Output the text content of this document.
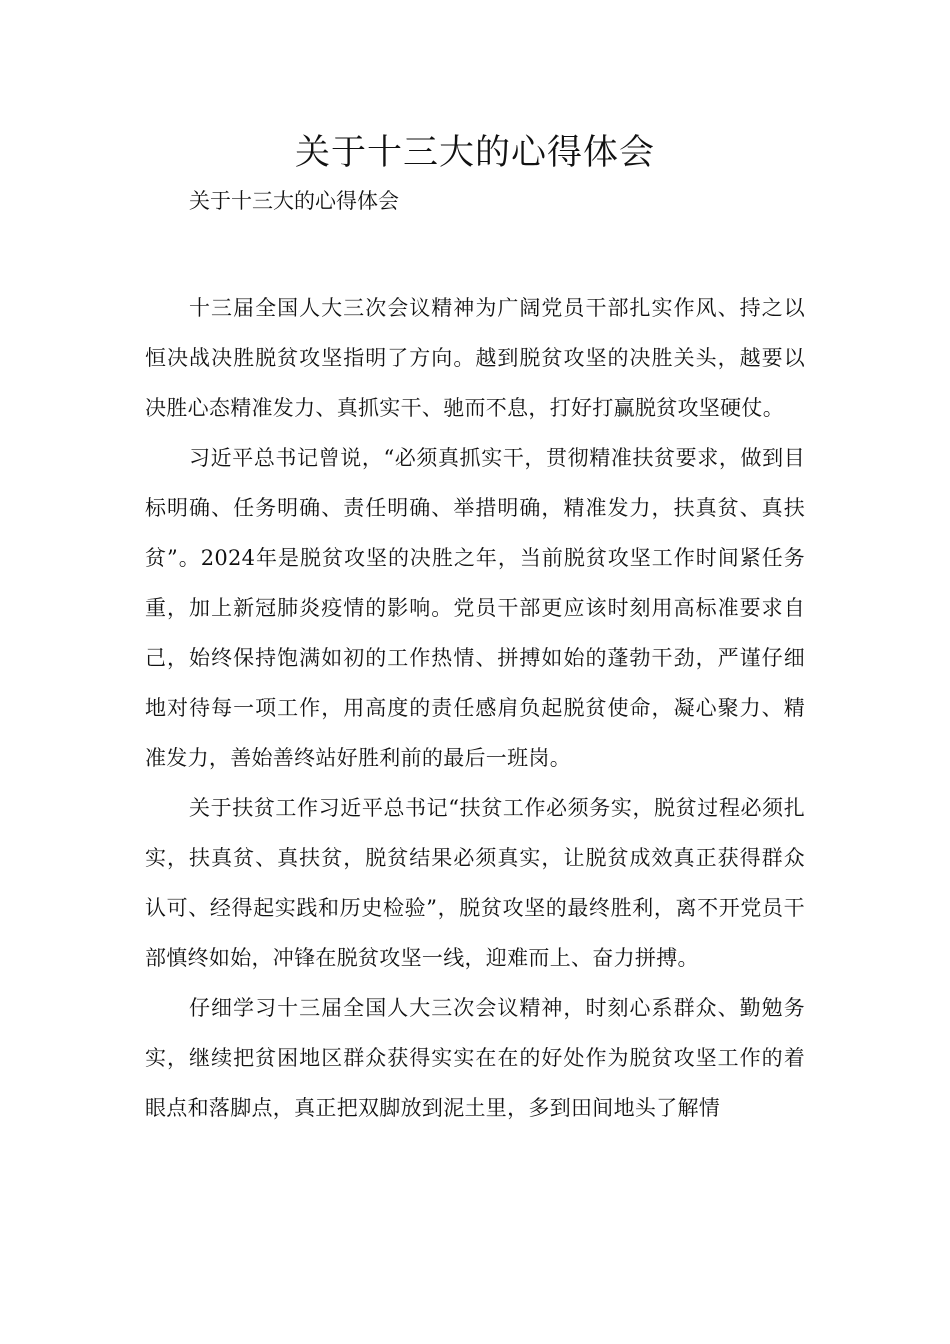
关于十三大的心得体会

关于十三大的心得体会

十三届全国人大三次会议精神为广阔党员干部扎实作风、持之以恒决战决胜脱贫攻坚指明了方向。越到脱贫攻坚的决胜关头，越要以决胜心态精准发力、真抓实干、驰而不息，打好打赢脱贫攻坚硬仗。

习近平总书记曾说，“必须真抓实干，贯彻精准扶贫要求，做到目标明确、任务明确、责任明确、举措明确，精准发力，扶真贫、真扶贫”。2024年是脱贫攻坚的决胜之年，当前脱贫攻坚工作时间紧任务重，加上新冠肺炎疫情的影响。党员干部更应该时刻用高标准要求自己，始终保持饱满如初的工作热情、拼搏如始的蓬勃干劲，严谨仔细地对待每一项工作，用高度的责任感肩负起脱贫使命，凝心聚力、精准发力，善始善终站好胜利前的最后一班岗。

关于扶贫工作习近平总书记“扶贫工作必须务实，脱贫过程必须扎实，扶真贫、真扶贫，脱贫结果必须真实，让脱贫成效真正获得群众认可、经得起实践和历史检验”，脱贫攻坚的最终胜利，离不开党员干部慎终如始，冲锋在脱贫攻坚一线，迎难而上、奋力拼搏。

仔细学习十三届全国人大三次会议精神，时刻心系群众、勤勉务实，继续把贫困地区群众获得实实在在的好处作为脱贫攻坚工作的着眼点和落脚点，真正把双脚放到泥土里，多到田间地头了解情
